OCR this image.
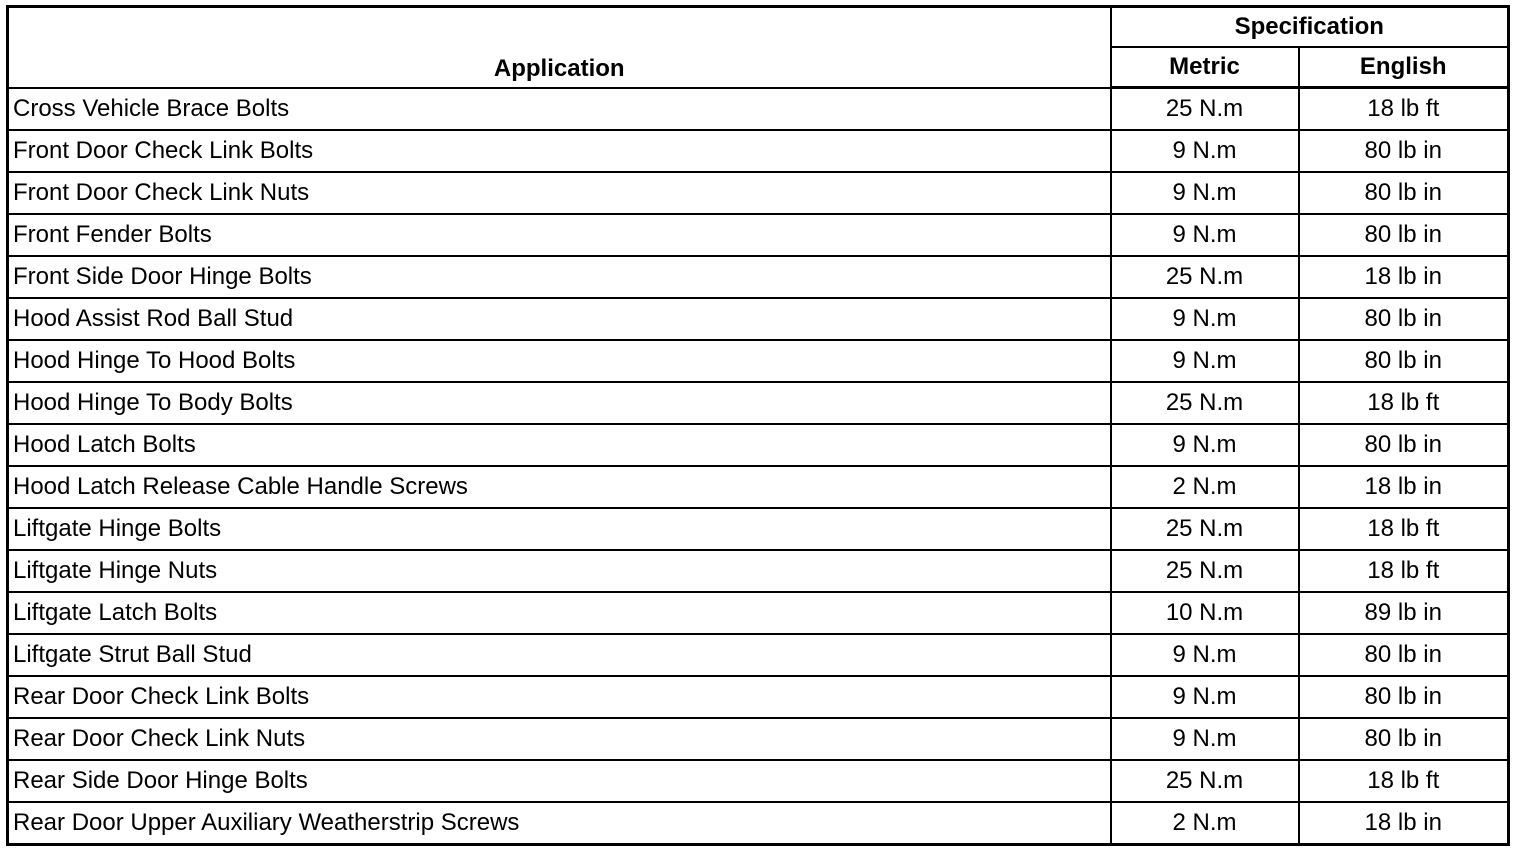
Application	Specification	
	Metric	English
Cross Vehicle Brace Bolts	25 N.m	18 lb ft
Front Door Check Link Bolts	9 N.m	80 lb in
Front Door Check Link Nuts	9 N.m	80 lb in
Front Fender Bolts	9 N.m	80 lb in
Front Side Door Hinge Bolts	25 N.m	18 lb in
Hood Assist Rod Ball Stud	9 N.m	80 lb in
Hood Hinge To Hood Bolts	9 N.m	80 lb in
Hood Hinge To Body Bolts	25 N.m	18 lb ft
Hood Latch Bolts	9 N.m	80 lb in
Hood Latch Release Cable Handle Screws	2 N.m	18 lb in
Liftgate Hinge Bolts	25 N.m	18 lb ft
Liftgate Hinge Nuts	25 N.m	18 lb ft
Liftgate Latch Bolts	10 N.m	89 lb in
Liftgate Strut Ball Stud	9 N.m	80 lb in
Rear Door Check Link Bolts	9 N.m	80 lb in
Rear Door Check Link Nuts	9 N.m	80 lb in
Rear Side Door Hinge Bolts	25 N.m	18 lb ft
Rear Door Upper Auxiliary Weatherstrip Screws	2 N.m	18 lb in
